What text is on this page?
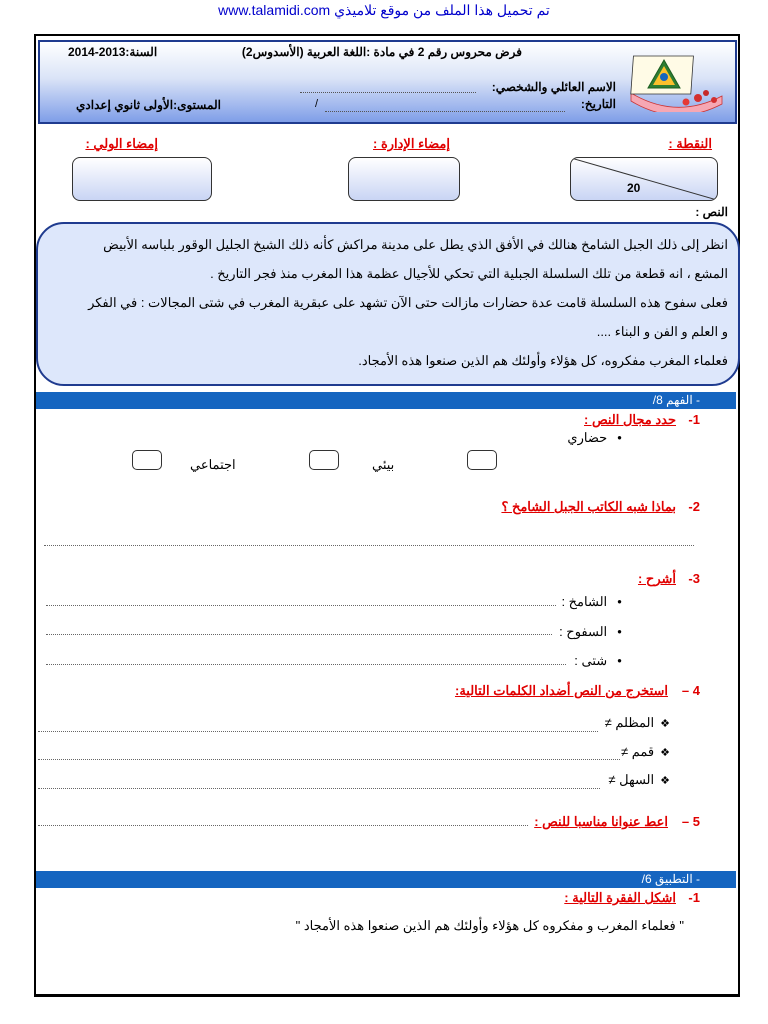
تم تحميل هذا الملف من موقع تلاميذي www.talamidi.com
فرض محروس رقم 2 في مادة :اللغة العربية (الأسدوس2)
السنة:2013-2014
الاسم العائلي والشخصي:
التاريخ:
/
المستوى:الأولى ثانوي إعدادي
النقطة :
إمضاء الإدارة :
إمضاء الولي :
20
النص :

انظر إلى ذلك الجبل الشامخ هنالك في الأفق الذي يطل على مدينة مراكش كأنه ذلك الشيخ الجليل الوقور بلباسه الأبيض

المشع ، انه قطعة من تلك السلسلة الجبلية التي تحكي للأجيال عظمة هذا المغرب منذ فجر التاريخ .

فعلى سفوح هذه السلسلة قامت عدة حضارات مازالت حتى الآن تشهد على عبقرية المغرب في شتى المجالات : في الفكر

و العلم و الفن و البناء ....

فعلماء المغرب مفكروه، كل هؤلاء وأولئك هم الذين صنعوا هذه الأمجاد.

- الفهم 8/
1-
حدد مجال النص :
● حضاري
بيئي
اجتماعي
2-
بماذا شبه الكاتب الجبل الشامخ ؟
3-
أشرح :
● الشامخ :
● السفوح :
● شتى :
4 –
استخرج من النص أضداد الكلمات التالية:
❖ المظلم ≠
❖ قمم ≠
❖ السهل ≠
5 –
اعط عنوانا مناسبا للنص :
- التطبيق 6/
1-
اشكل الفقرة التالية :
" فعلماء المغرب و مفكروه كل هؤلاء وأولئك هم الذين صنعوا هذه الأمجاد "
